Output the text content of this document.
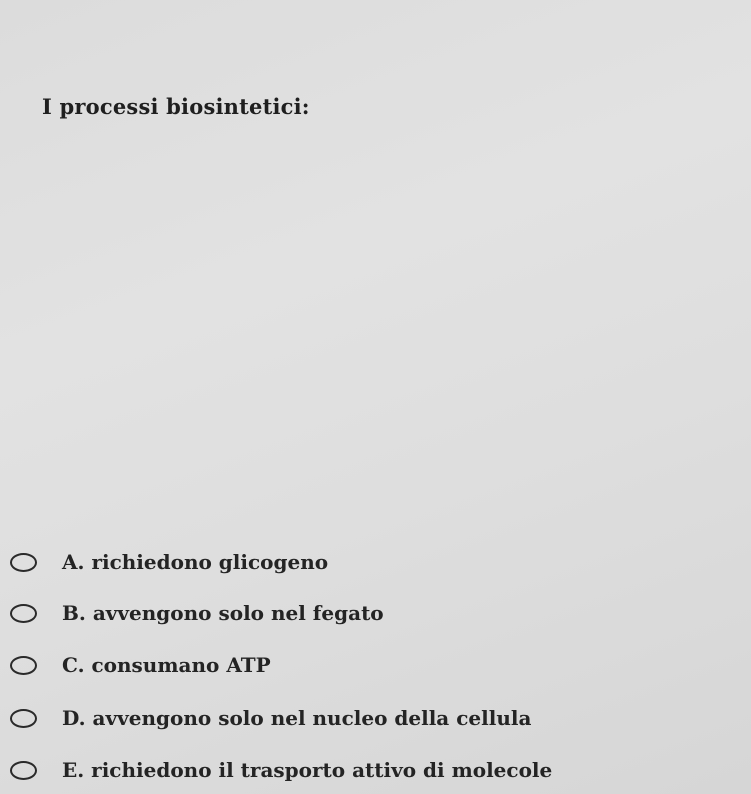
I processi biosintetici:
A. richiedono glicogeno
B. avvengono solo nel fegato
C. consumano ATP
D. avvengono solo nel nucleo della cellula
E. richiedono il trasporto attivo di molecole
